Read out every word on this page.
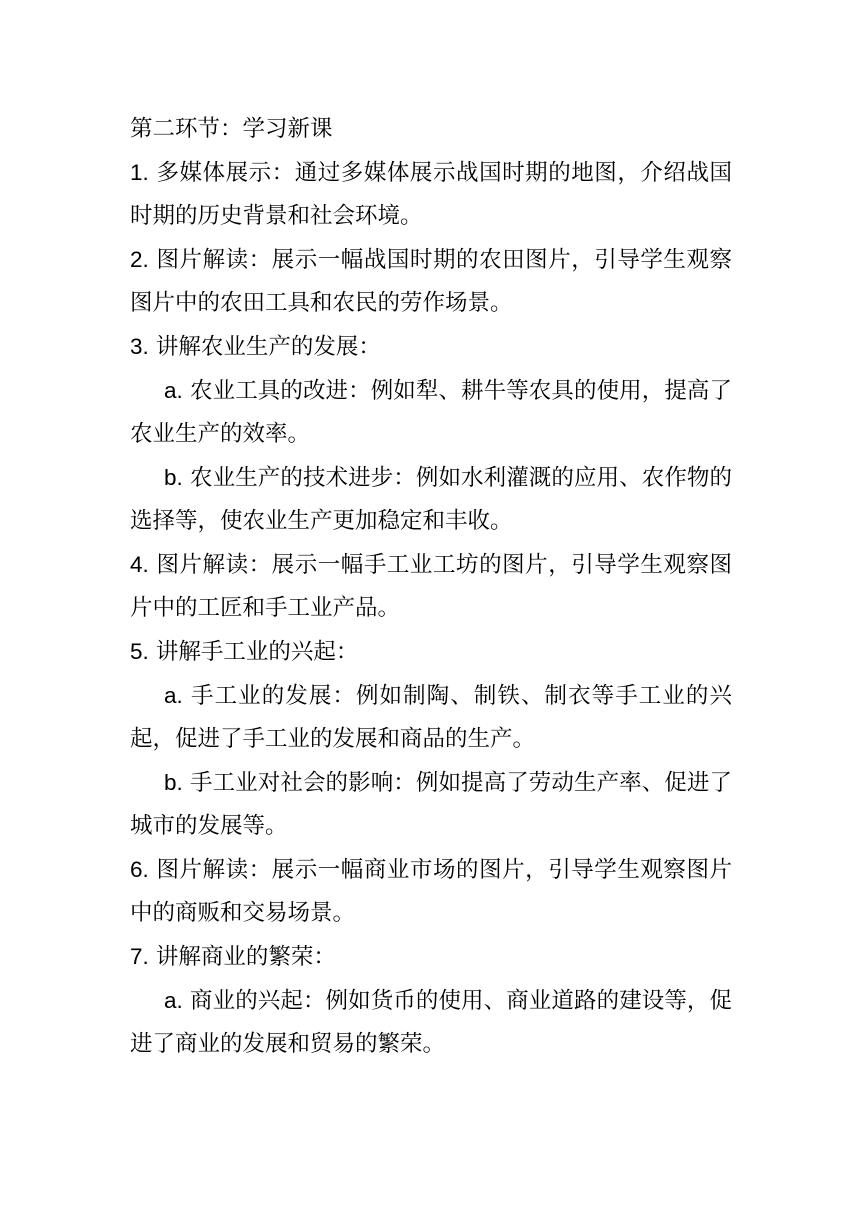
第二环节：学习新课

1. 多媒体展示：通过多媒体展示战国时期的地图，介绍战国时期的历史背景和社会环境。

2. 图片解读：展示一幅战国时期的农田图片，引导学生观察图片中的农田工具和农民的劳作场景。

3. 讲解农业生产的发展：

a. 农业工具的改进：例如犁、耕牛等农具的使用，提高了农业生产的效率。

b. 农业生产的技术进步：例如水利灌溉的应用、农作物的选择等，使农业生产更加稳定和丰收。

4. 图片解读：展示一幅手工业工坊的图片，引导学生观察图片中的工匠和手工业产品。

5. 讲解手工业的兴起：

a. 手工业的发展：例如制陶、制铁、制衣等手工业的兴起，促进了手工业的发展和商品的生产。

b. 手工业对社会的影响：例如提高了劳动生产率、促进了城市的发展等。

6. 图片解读：展示一幅商业市场的图片，引导学生观察图片中的商贩和交易场景。

7. 讲解商业的繁荣：

a. 商业的兴起：例如货币的使用、商业道路的建设等，促进了商业的发展和贸易的繁荣。
